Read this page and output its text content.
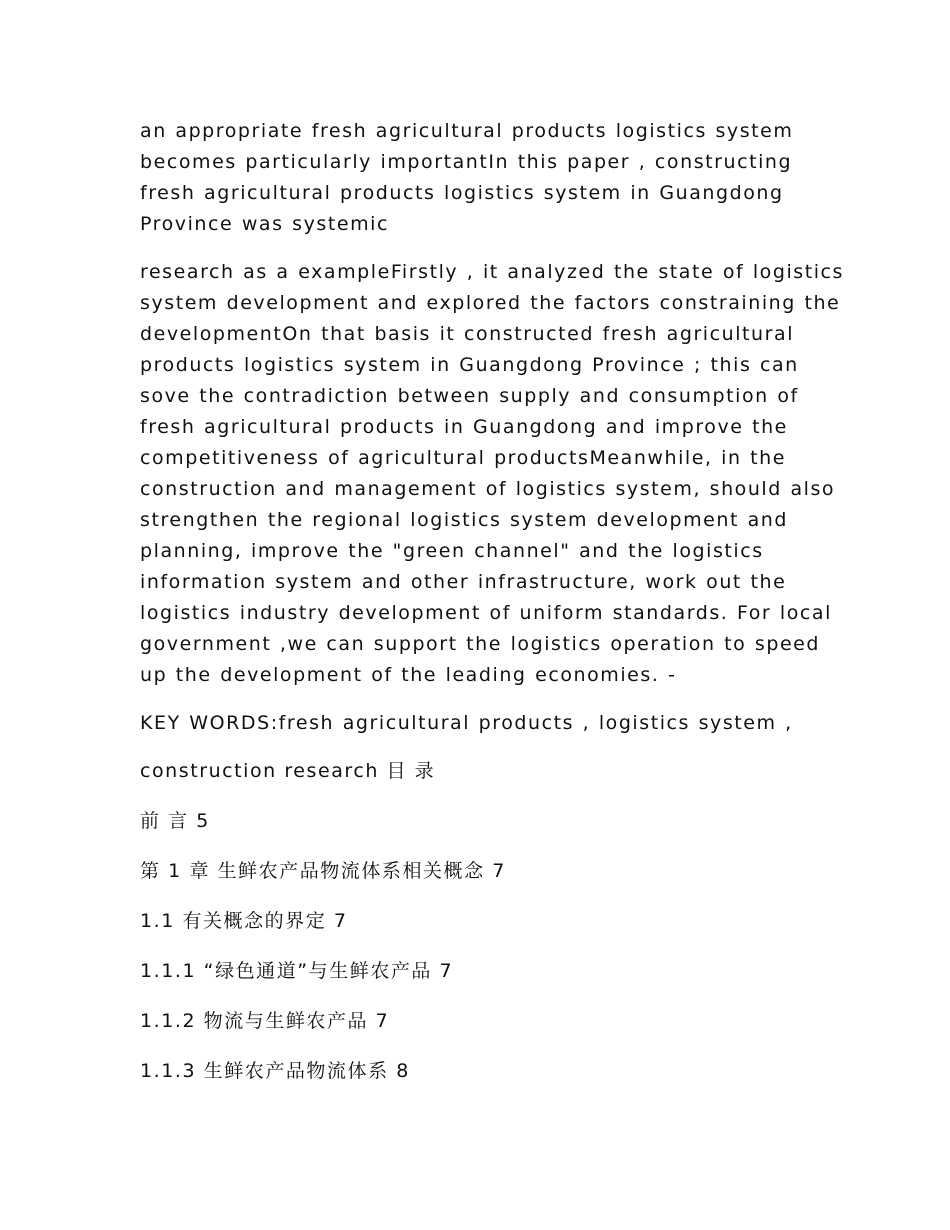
an appropriate fresh agricultural products logistics system becomes particularly importantIn this paper , constructing fresh agricultural products logistics system in Guangdong Province was systemic

research as a exampleFirstly , it analyzed the state of logistics system development and explored the factors constraining the developmentOn that basis it constructed fresh agricultural products logistics system in Guangdong Province ; this can sove the contradiction between supply and consumption of fresh agricultural products in Guangdong and improve the competitiveness of agricultural productsMeanwhile, in the construction and management of logistics system, should also strengthen the regional logistics system development and planning, improve the "green channel" and the logistics information system and other infrastructure, work out the logistics industry development of uniform standards. For local government ,we can support the logistics operation to speed up the development of the leading economies. -

KEY WORDS:fresh agricultural products , logistics system ,

construction research 目 录

前 言 5

第 1 章 生鲜农产品物流体系相关概念 7

1.1 有关概念的界定 7

1.1.1 “绿色通道”与生鲜农产品 7

1.1.2 物流与生鲜农产品 7

1.1.3 生鲜农产品物流体系 8
